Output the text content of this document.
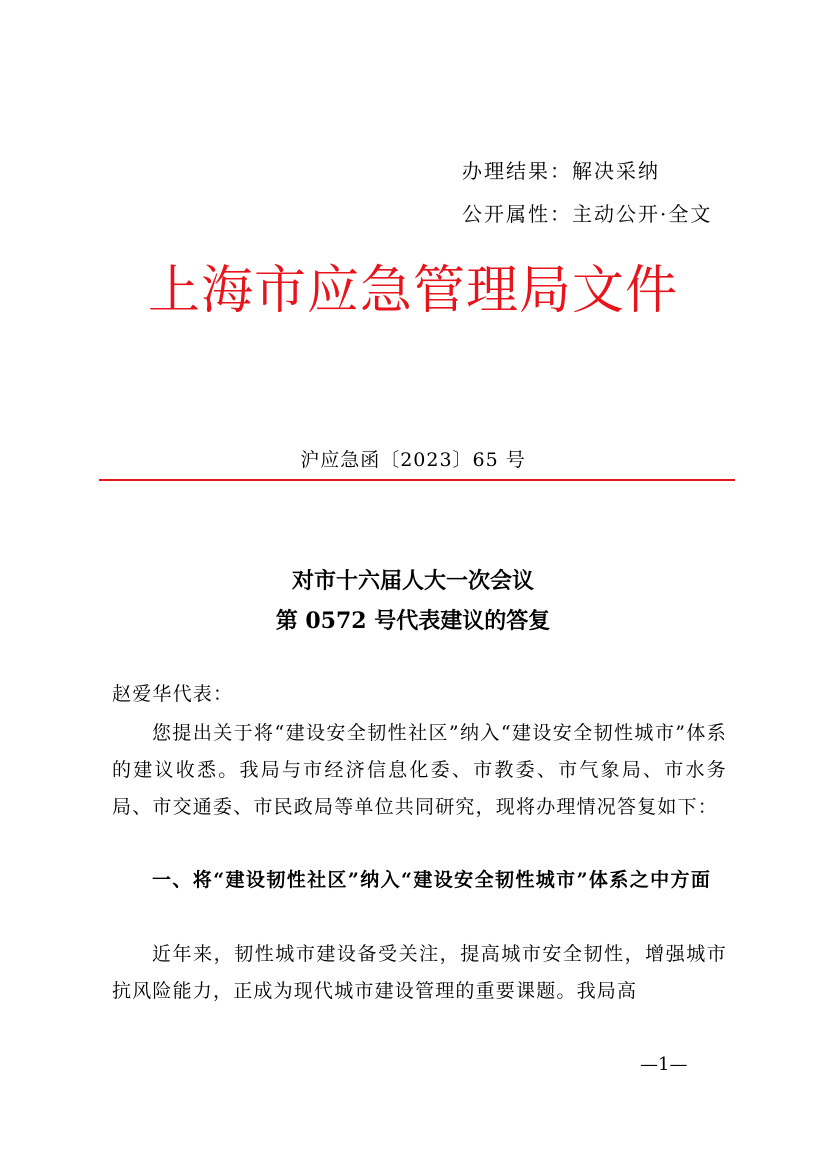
办理结果：解决采纳
公开属性：主动公开·全文
上海市应急管理局文件
沪应急函〔2023〕65 号
对市十六届人大一次会议
第 0572 号代表建议的答复
赵爱华代表：
您提出关于将“建设安全韧性社区”纳入“建设安全韧性城市”体系的建议收悉。我局与市经济信息化委、市教委、市气象局、市水务局、市交通委、市民政局等单位共同研究，现将办理情况答复如下：
一、将“建设韧性社区”纳入“建设安全韧性城市”体系之中方面
近年来，韧性城市建设备受关注，提高城市安全韧性，增强城市抗风险能力，正成为现代城市建设管理的重要课题。我局高
—1—
